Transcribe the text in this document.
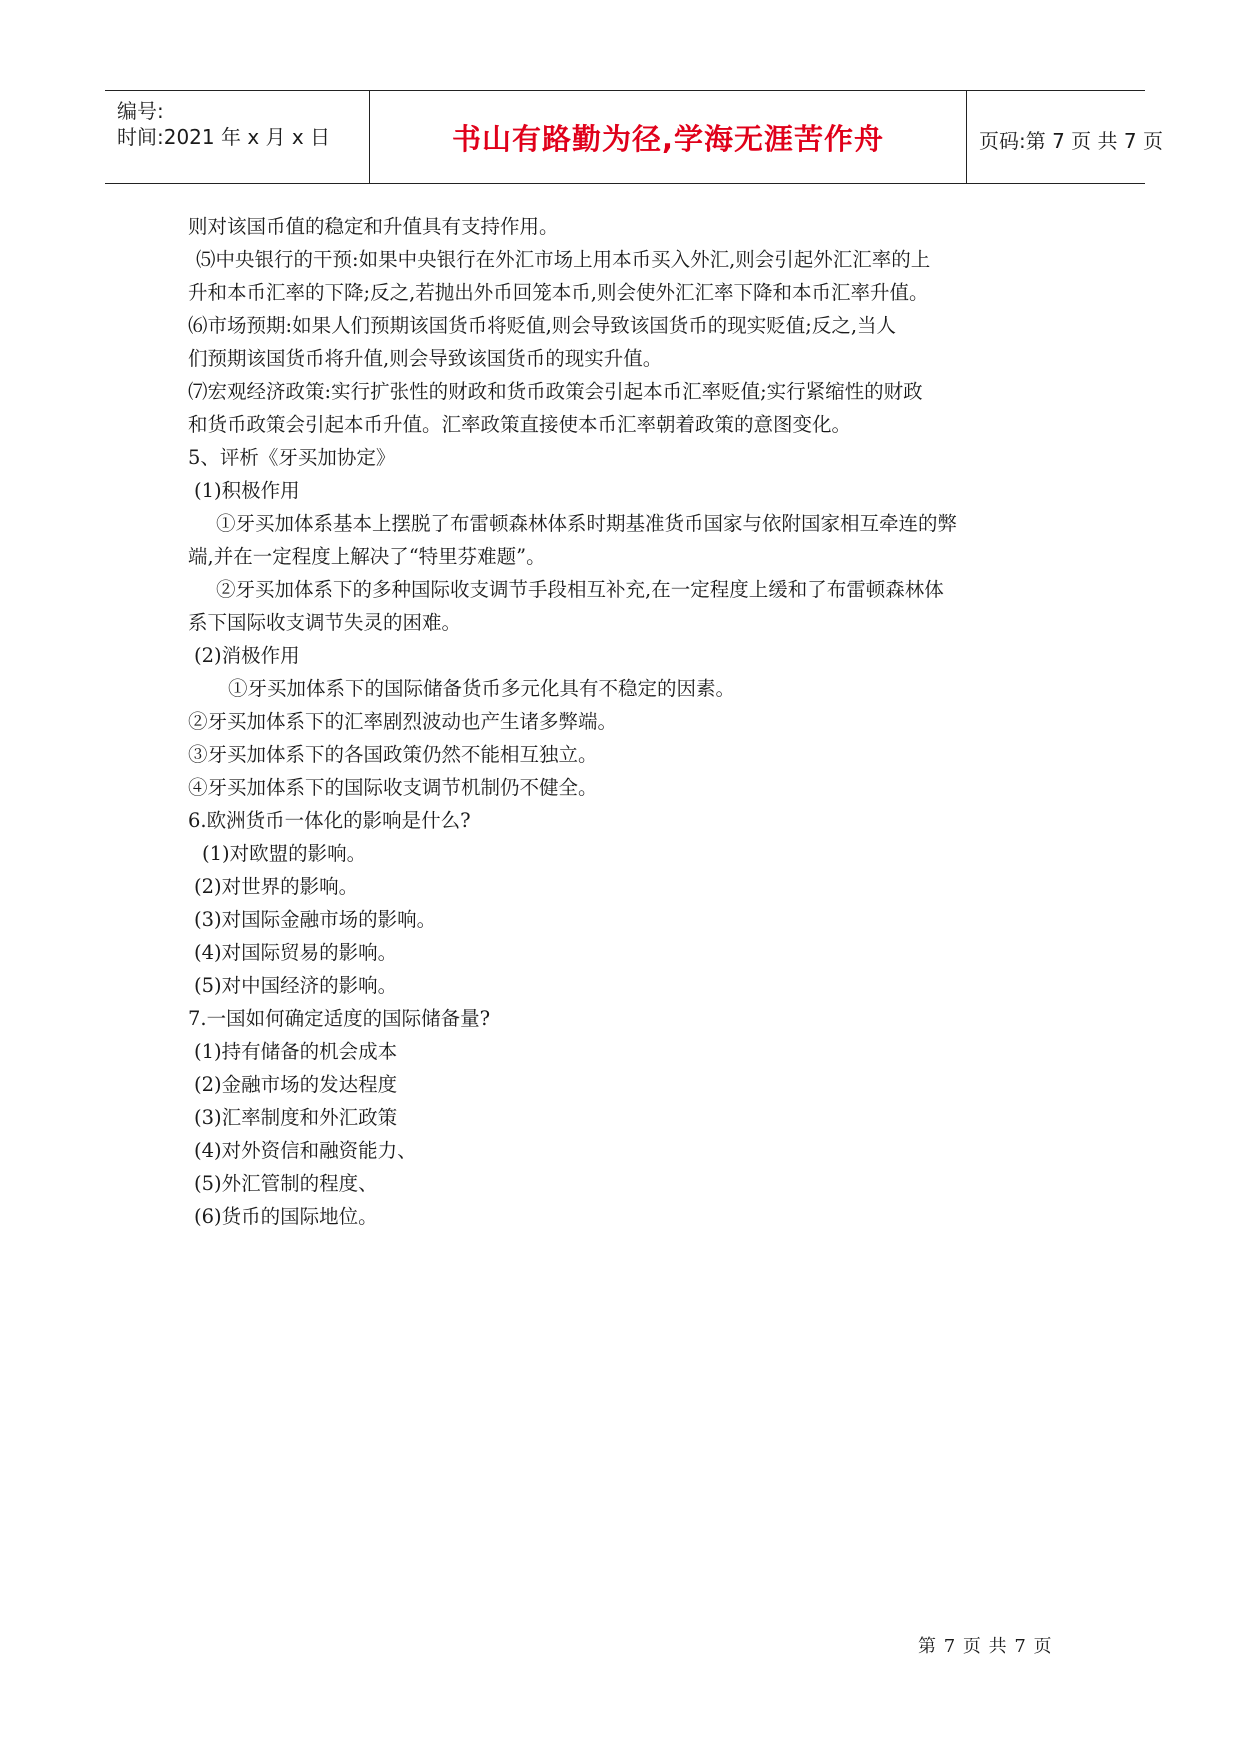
编号:
时间:2021 年 x 月 x 日	书山有路勤为径,学海无涯苦作舟	页码:第 7 页 共 7 页

则对该国币值的稳定和升值具有支持作用。

⑸中央银行的干预:如果中央银行在外汇市场上用本币买入外汇,则会引起外汇汇率的上

升和本币汇率的下降;反之,若抛出外币回笼本币,则会使外汇汇率下降和本币汇率升值。

⑹市场预期:如果人们预期该国货币将贬值,则会导致该国货币的现实贬值;反之,当人

们预期该国货币将升值,则会导致该国货币的现实升值。

⑺宏观经济政策:实行扩张性的财政和货币政策会引起本币汇率贬值;实行紧缩性的财政

和货币政策会引起本币升值。汇率政策直接使本币汇率朝着政策的意图变化。

5、评析《牙买加协定》

(1)积极作用

①牙买加体系基本上摆脱了布雷顿森林体系时期基准货币国家与依附国家相互牵连的弊

端,并在一定程度上解决了“特里芬难题”。

②牙买加体系下的多种国际收支调节手段相互补充,在一定程度上缓和了布雷顿森林体

系下国际收支调节失灵的困难。

(2)消极作用

①牙买加体系下的国际储备货币多元化具有不稳定的因素。

②牙买加体系下的汇率剧烈波动也产生诸多弊端。

③牙买加体系下的各国政策仍然不能相互独立。

④牙买加体系下的国际收支调节机制仍不健全。

6.欧洲货币一体化的影响是什么?

(1)对欧盟的影响。

(2)对世界的影响。

(3)对国际金融市场的影响。

(4)对国际贸易的影响。

(5)对中国经济的影响。

7.一国如何确定适度的国际储备量?

(1)持有储备的机会成本

(2)金融市场的发达程度

(3)汇率制度和外汇政策

(4)对外资信和融资能力、

(5)外汇管制的程度、

(6)货币的国际地位。

第 7 页 共 7 页
